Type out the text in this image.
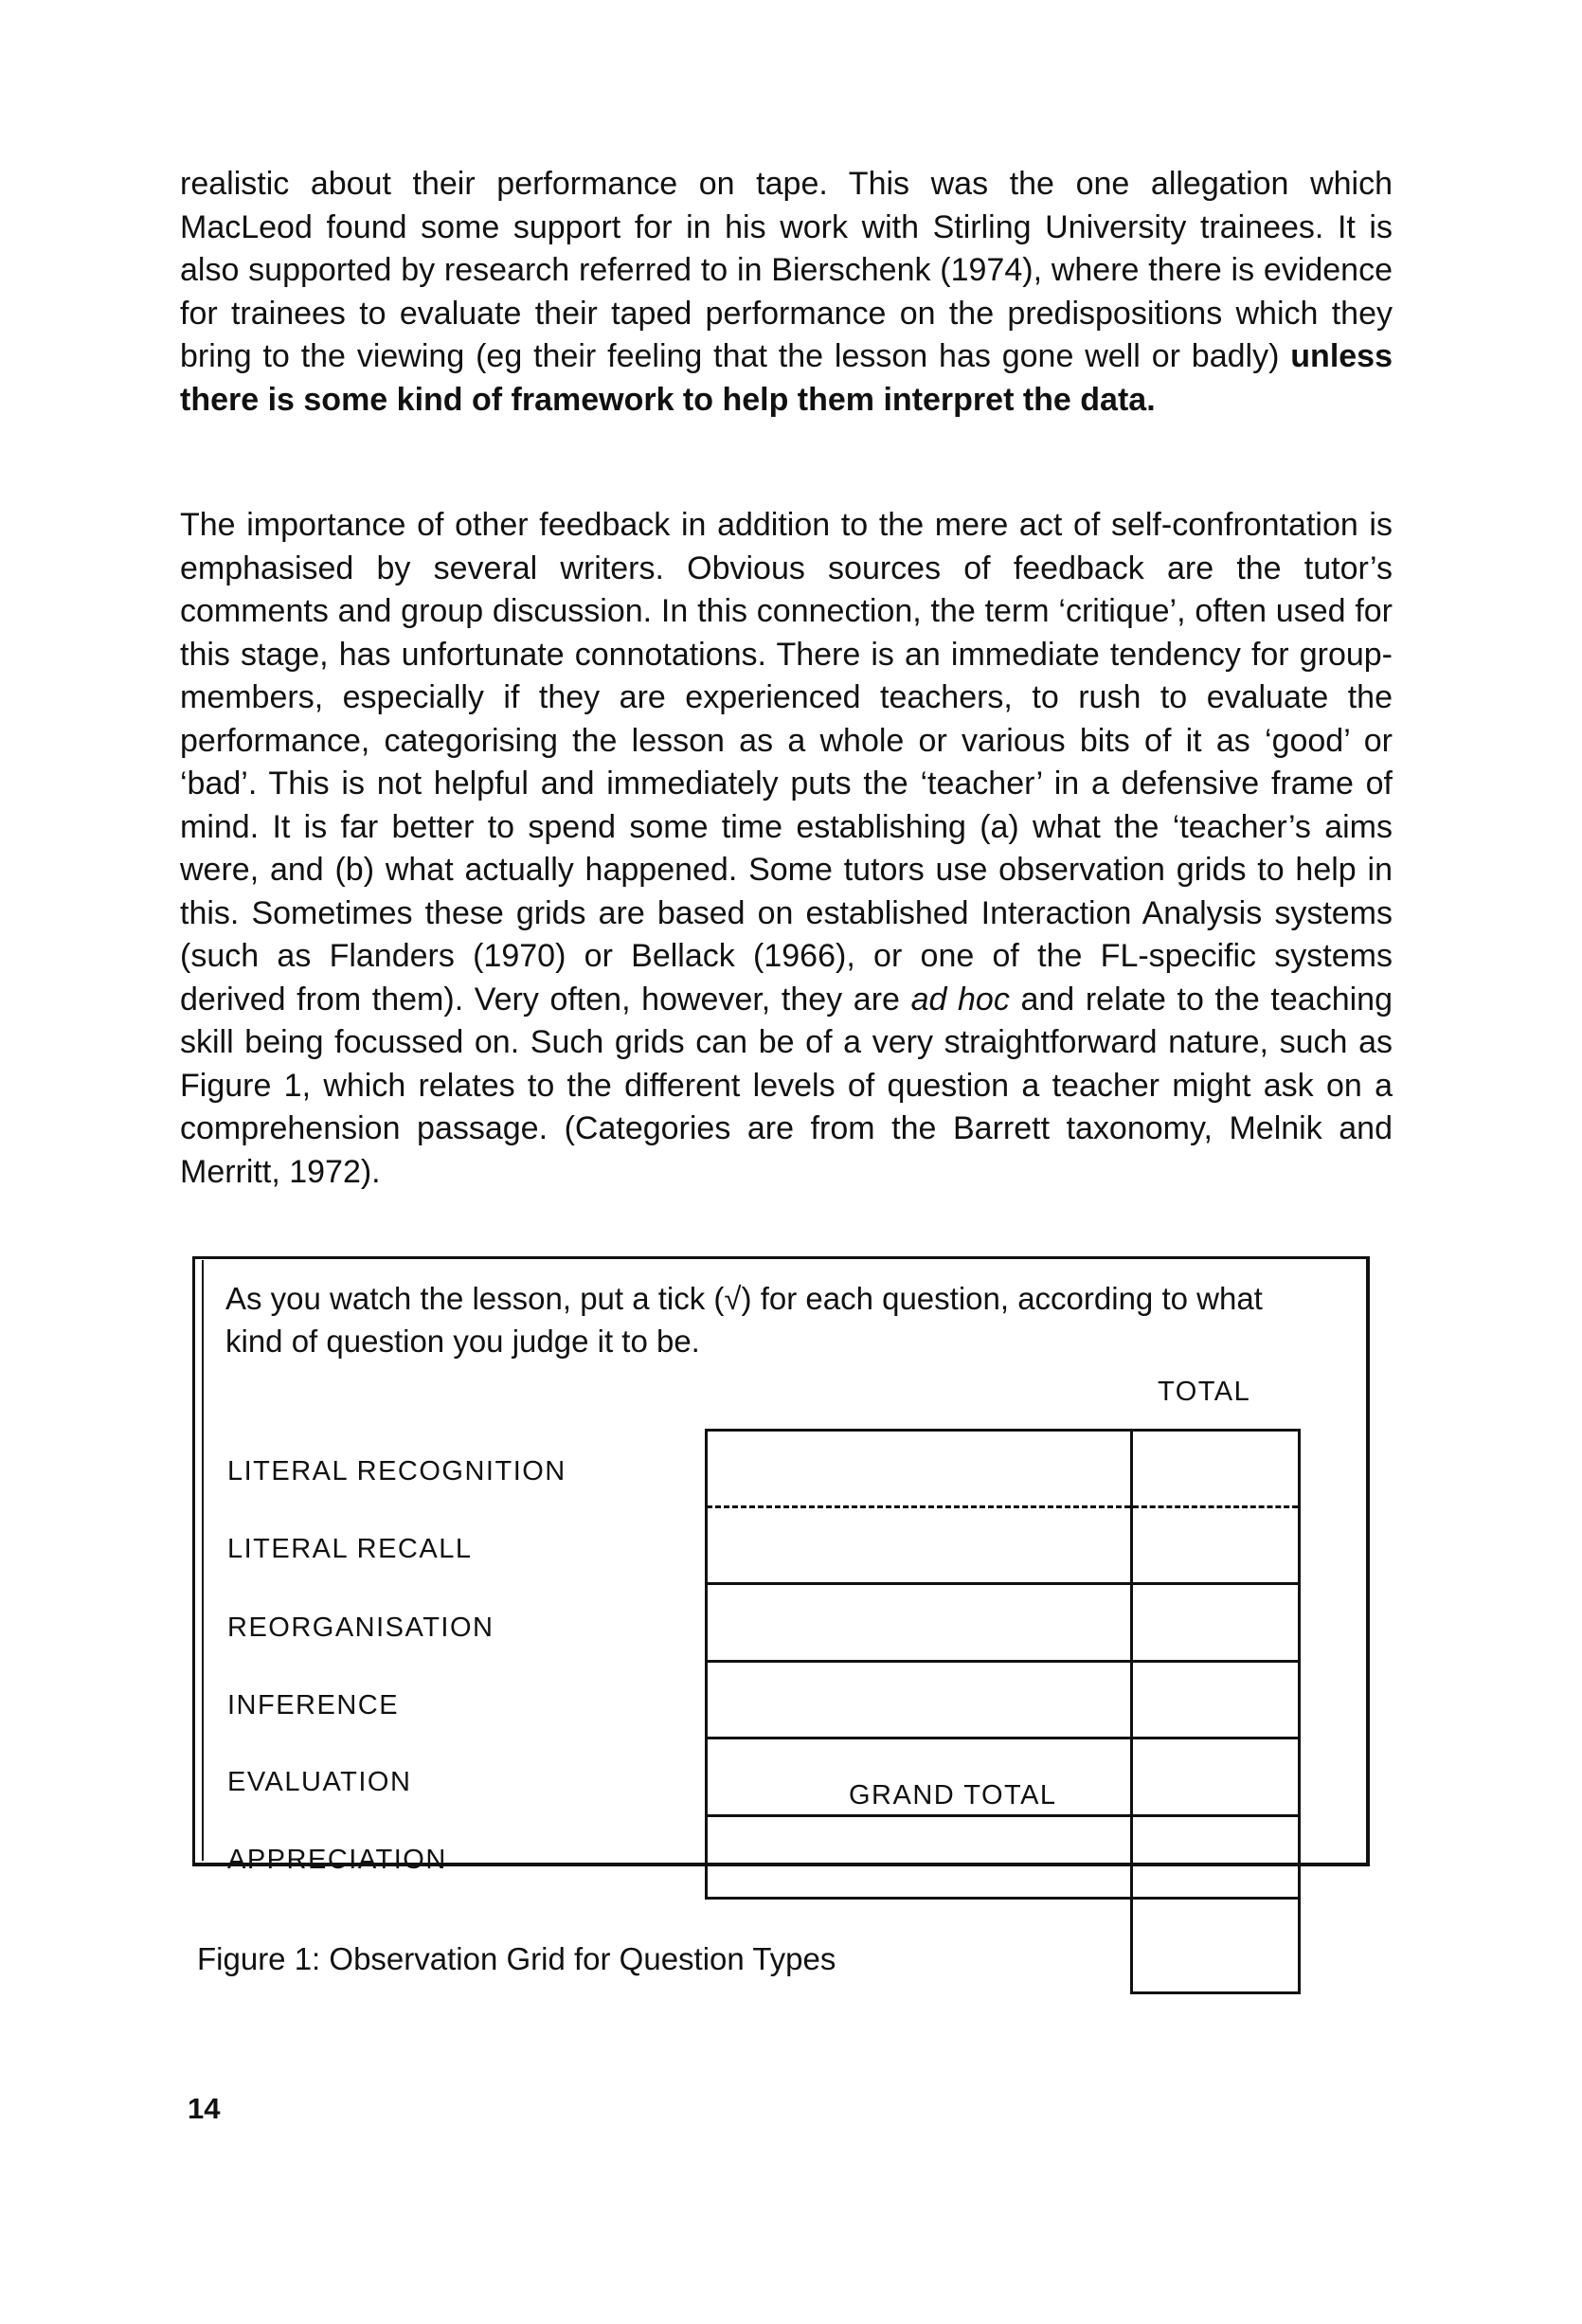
realistic about their performance on tape. This was the one allegation which MacLeod found some support for in his work with Stirling University trainees. It is also supported by research referred to in Bierschenk (1974), where there is evidence for trainees to evaluate their taped performance on the predispositions which they bring to the viewing (eg their feeling that the lesson has gone well or badly) unless there is some kind of framework to help them interpret the data.

The importance of other feedback in addition to the mere act of self-confrontation is emphasised by several writers. Obvious sources of feedback are the tutor’s comments and group discussion. In this connection, the term ‘critique’, often used for this stage, has unfortunate connotations. There is an immediate tendency for group-members, especially if they are experienced teachers, to rush to evaluate the performance, categorising the lesson as a whole or various bits of it as ‘good’ or ‘bad’. This is not helpful and immediately puts the ‘teacher’ in a defensive frame of mind. It is far better to spend some time establishing (a) what the ‘teacher’s aims were, and (b) what actually happened. Some tutors use observation grids to help in this. Sometimes these grids are based on established Interaction Analysis systems (such as Flanders (1970) or Bellack (1966), or one of the FL-specific systems derived from them). Very often, however, they are ad hoc and relate to the teaching skill being focussed on. Such grids can be of a very straightforward nature, such as Figure 1, which relates to the different levels of question a teacher might ask on a comprehension passage. (Categories are from the Barrett taxonomy, Melnik and Merritt, 1972).

As you watch the lesson, put a tick (√) for each question, according to what kind of question you judge it to be.

TOTAL
LITERAL RECOGNITION
LITERAL RECALL
REORGANISATION
INFERENCE
EVALUATION
APPRECIATION
GRAND TOTAL

Figure 1: Observation Grid for Question Types

14
